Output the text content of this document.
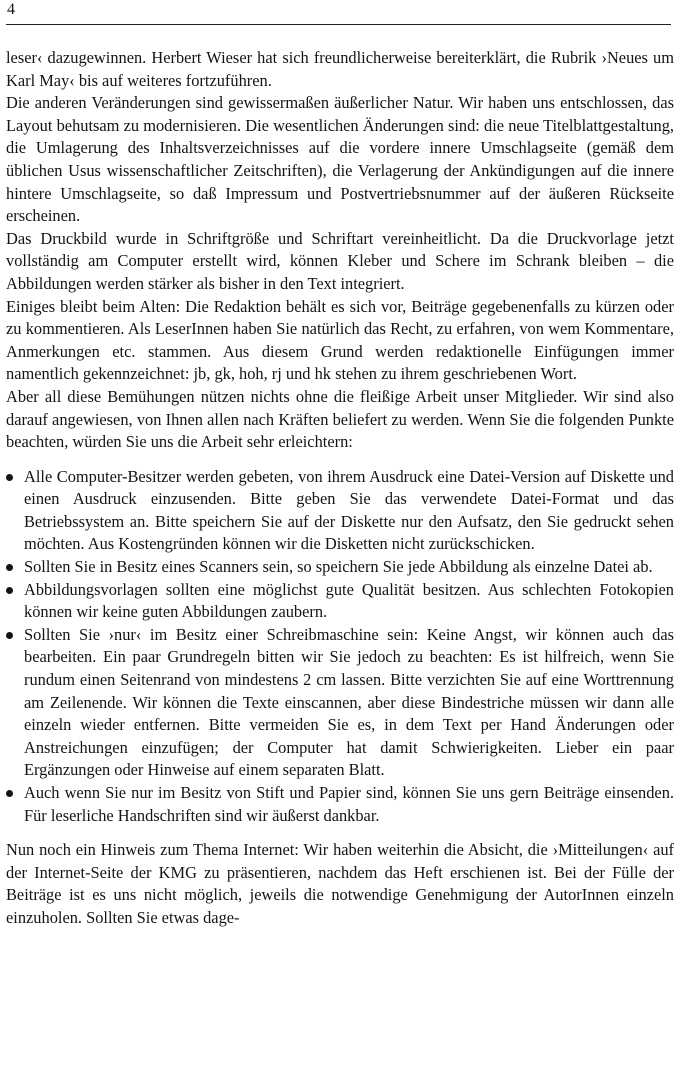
4

leser‹ dazugewinnen. Herbert Wieser hat sich freundlicherweise bereiterklärt, die Rubrik ›Neues um Karl May‹ bis auf weiteres fortzuführen.

Die anderen Veränderungen sind gewissermaßen äußerlicher Natur. Wir haben uns entschlossen, das Layout behutsam zu modernisieren. Die wesentlichen Änderungen sind: die neue Titelblattgestaltung, die Umlagerung des Inhaltsverzeichnisses auf die vordere innere Umschlagseite (gemäß dem üblichen Usus wissenschaftlicher Zeitschriften), die Verlagerung der Ankündigungen auf die innere hintere Umschlagseite, so daß Impressum und Postvertriebsnummer auf der äußeren Rückseite erscheinen.

Das Druckbild wurde in Schriftgröße und Schriftart vereinheitlicht. Da die Druckvorlage jetzt vollständig am Computer erstellt wird, können Kleber und Schere im Schrank bleiben – die Abbildungen werden stärker als bisher in den Text integriert.

Einiges bleibt beim Alten: Die Redaktion behält es sich vor, Beiträge gegebenenfalls zu kürzen oder zu kommentieren. Als LeserInnen haben Sie natürlich das Recht, zu erfahren, von wem Kommentare, Anmerkungen etc. stammen. Aus diesem Grund werden redaktionelle Einfügungen immer namentlich gekennzeichnet: jb, gk, hoh, rj und hk stehen zu ihrem geschriebenen Wort.

Aber all diese Bemühungen nützen nichts ohne die fleißige Arbeit unser Mitglieder. Wir sind also darauf angewiesen, von Ihnen allen nach Kräften beliefert zu werden. Wenn Sie die folgenden Punkte beachten, würden Sie uns die Arbeit sehr erleichtern:

Alle Computer-Besitzer werden gebeten, von ihrem Ausdruck eine Datei-Version auf Diskette und einen Ausdruck einzusenden. Bitte geben Sie das verwendete Datei-Format und das Betriebssystem an. Bitte speichern Sie auf der Diskette nur den Aufsatz, den Sie gedruckt sehen möchten. Aus Kostengründen können wir die Disketten nicht zurückschicken.
Sollten Sie in Besitz eines Scanners sein, so speichern Sie jede Abbildung als einzelne Datei ab.
Abbildungsvorlagen sollten eine möglichst gute Qualität besitzen. Aus schlechten Fotokopien können wir keine guten Abbildungen zaubern.
Sollten Sie ›nur‹ im Besitz einer Schreibmaschine sein: Keine Angst, wir können auch das bearbeiten. Ein paar Grundregeln bitten wir Sie jedoch zu beachten: Es ist hilfreich, wenn Sie rundum einen Seitenrand von mindestens 2 cm lassen. Bitte verzichten Sie auf eine Worttrennung am Zeilenende. Wir können die Texte einscannen, aber diese Bindestriche müssen wir dann alle einzeln wieder entfernen. Bitte vermeiden Sie es, in dem Text per Hand Änderungen oder Anstreichungen einzufügen; der Computer hat damit Schwierigkeiten. Lieber ein paar Ergänzungen oder Hinweise auf einem separaten Blatt.
Auch wenn Sie nur im Besitz von Stift und Papier sind, können Sie uns gern Beiträge einsenden. Für leserliche Handschriften sind wir äußerst dankbar.

Nun noch ein Hinweis zum Thema Internet: Wir haben weiterhin die Absicht, die ›Mitteilungen‹ auf der Internet-Seite der KMG zu präsentieren, nachdem das Heft erschienen ist. Bei der Fülle der Beiträge ist es uns nicht möglich, jeweils die notwendige Genehmigung der AutorInnen einzeln einzuholen. Sollten Sie etwas dage-
